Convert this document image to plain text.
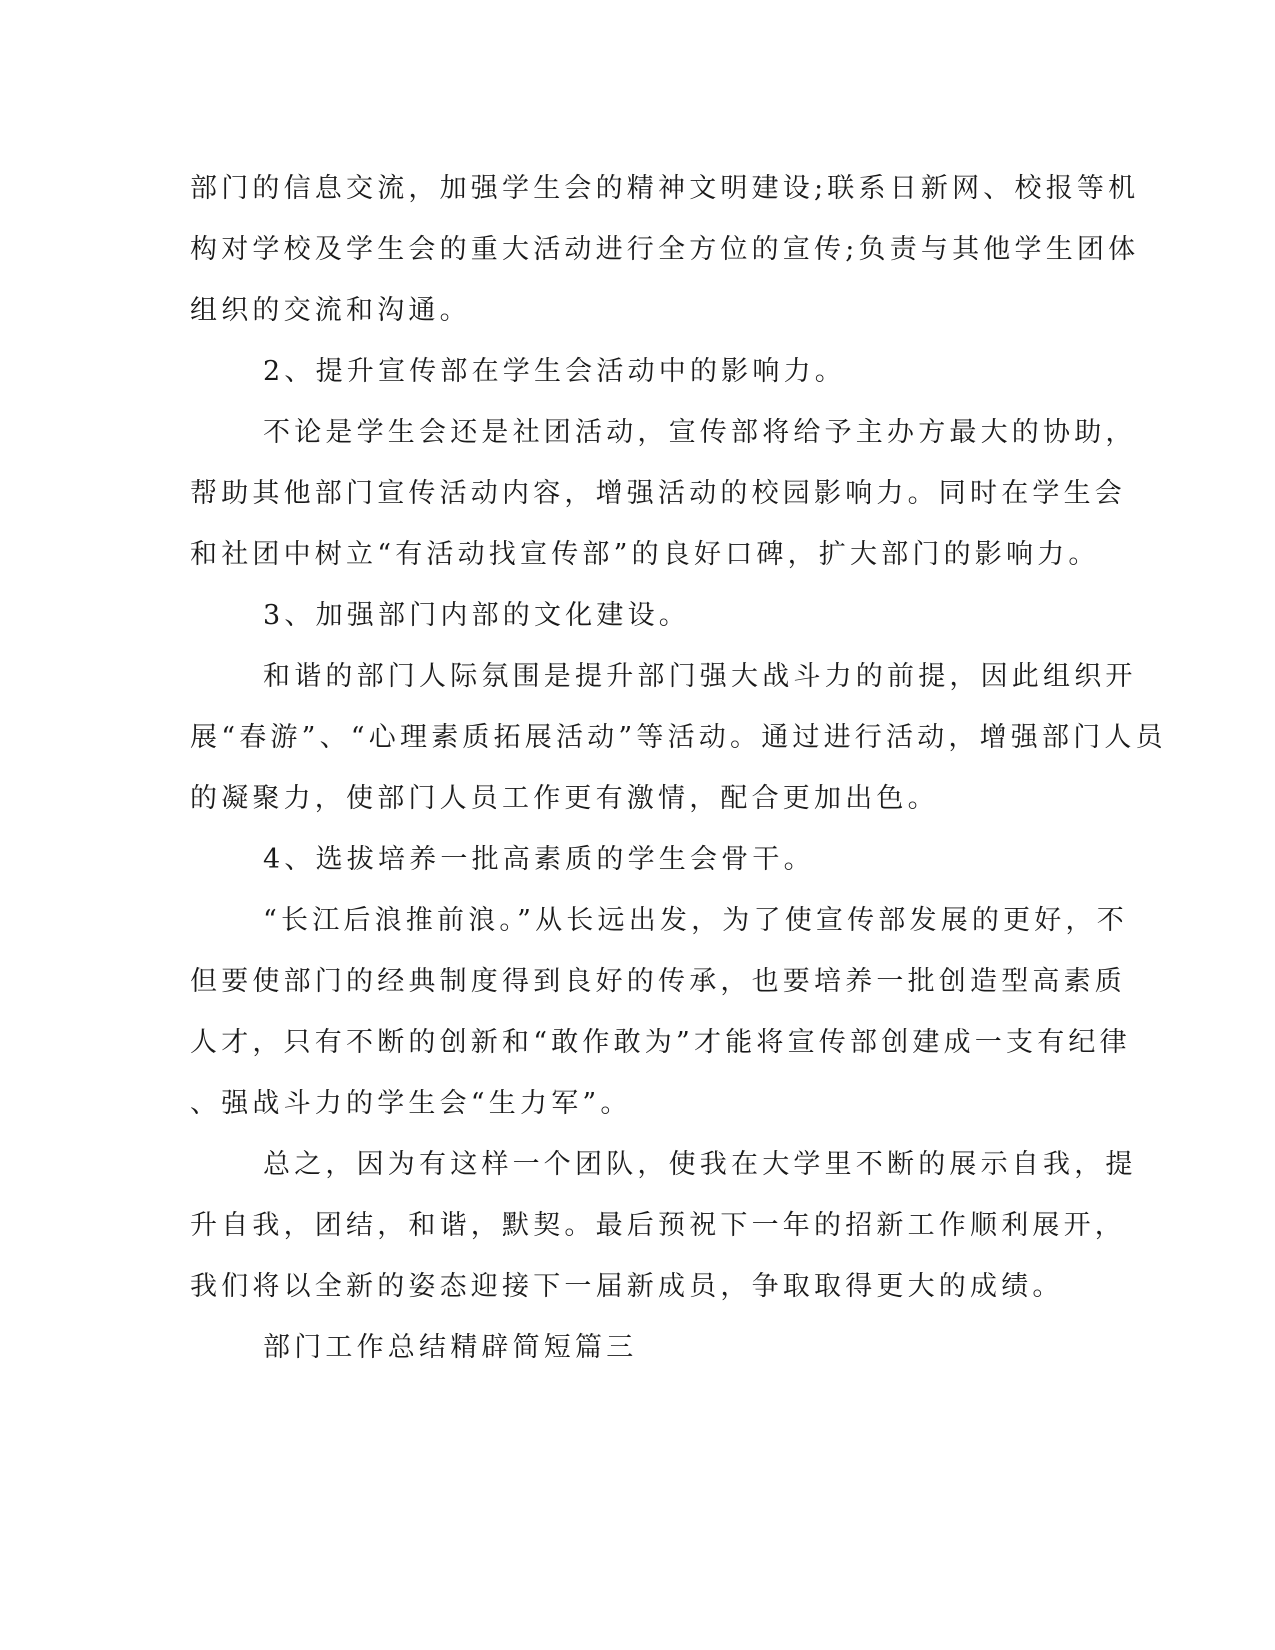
部门的信息交流，加强学生会的精神文明建设;联系日新网、校报等机
构对学校及学生会的重大活动进行全方位的宣传;负责与其他学生团体
组织的交流和沟通。
2、提升宣传部在学生会活动中的影响力。
不论是学生会还是社团活动，宣传部将给予主办方最大的协助，
帮助其他部门宣传活动内容，增强活动的校园影响力。同时在学生会
和社团中树立“有活动找宣传部”的良好口碑，扩大部门的影响力。
3、加强部门内部的文化建设。
和谐的部门人际氛围是提升部门强大战斗力的前提，因此组织开
展“春游”、“心理素质拓展活动”等活动。通过进行活动，增强部门人员
的凝聚力，使部门人员工作更有激情，配合更加出色。
4、选拔培养一批高素质的学生会骨干。
“长江后浪推前浪。”从长远出发，为了使宣传部发展的更好，不
但要使部门的经典制度得到良好的传承，也要培养一批创造型高素质
人才，只有不断的创新和“敢作敢为”才能将宣传部创建成一支有纪律
、强战斗力的学生会“生力军”。
总之，因为有这样一个团队，使我在大学里不断的展示自我，提
升自我，团结，和谐，默契。最后预祝下一年的招新工作顺利展开，
我们将以全新的姿态迎接下一届新成员，争取取得更大的成绩。
部门工作总结精辟简短篇三
